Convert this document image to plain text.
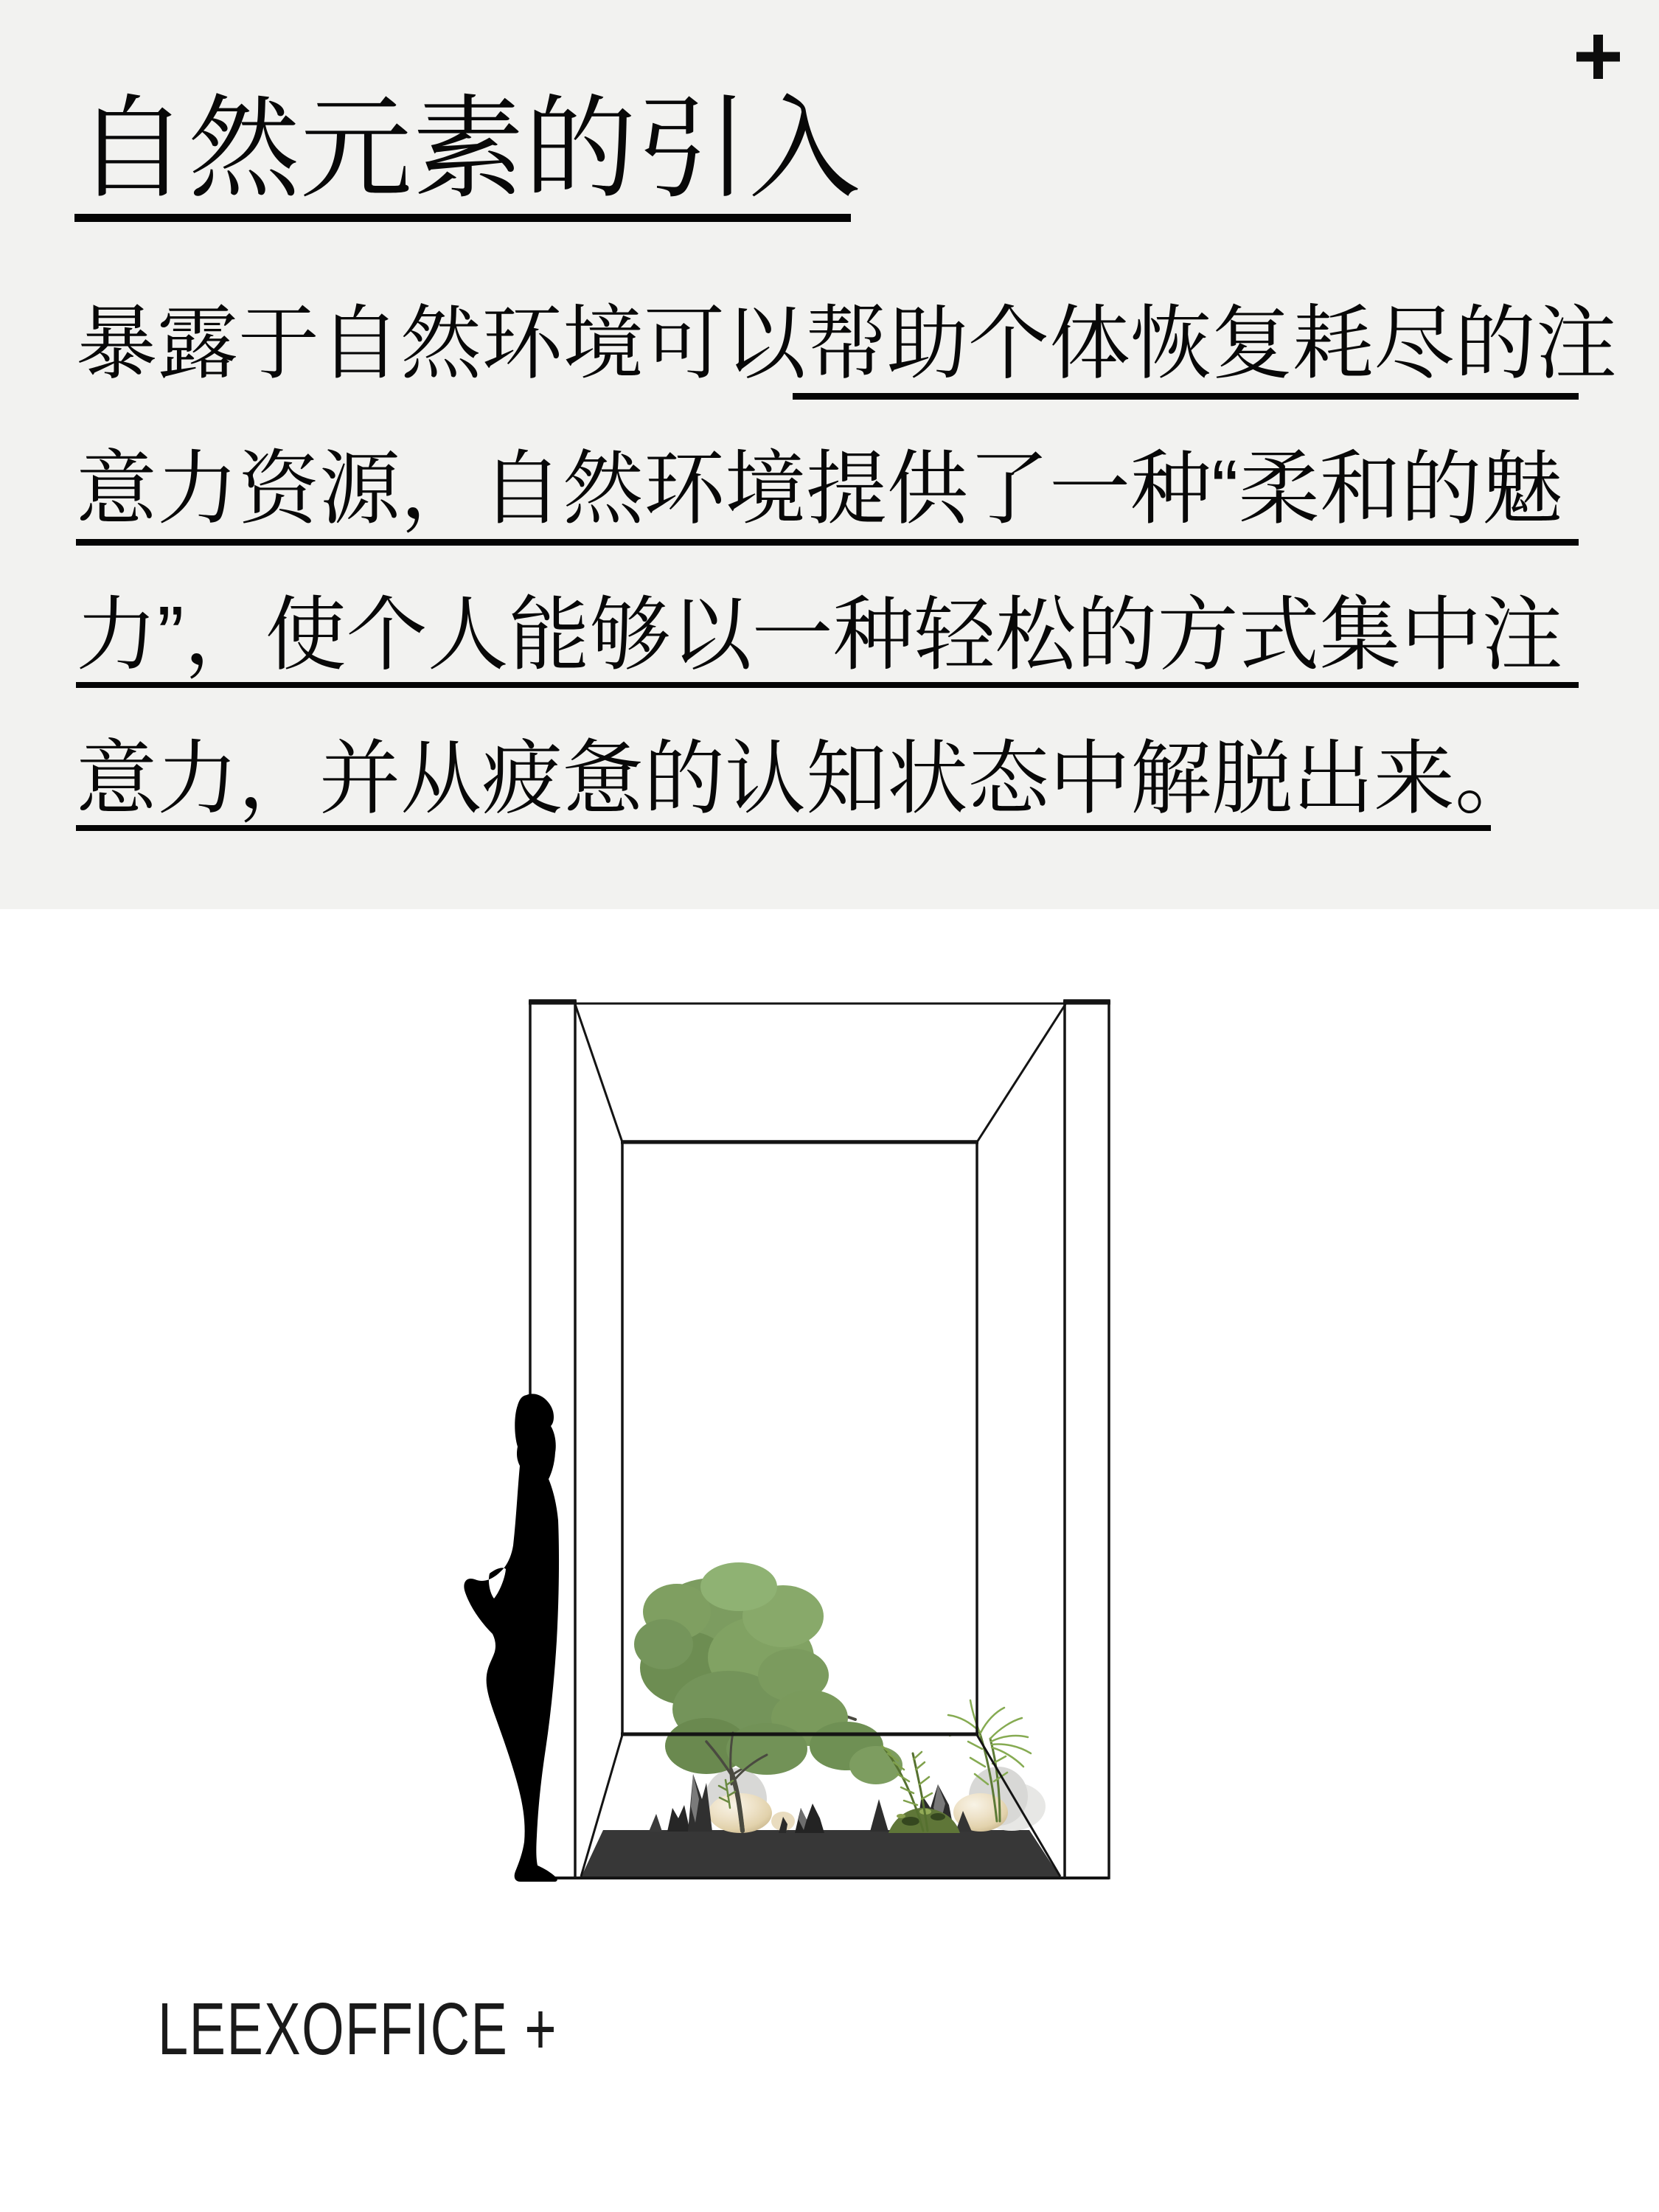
自然元素的引入
暴露于自然环境可以帮助个体恢复耗尽的注
意力资源，自然环境提供了一种“柔和的魅
力”，使个人能够以一种轻松的方式集中注
意力，并从疲惫的认知状态中解脱出来。
LEEXOFFICE +
